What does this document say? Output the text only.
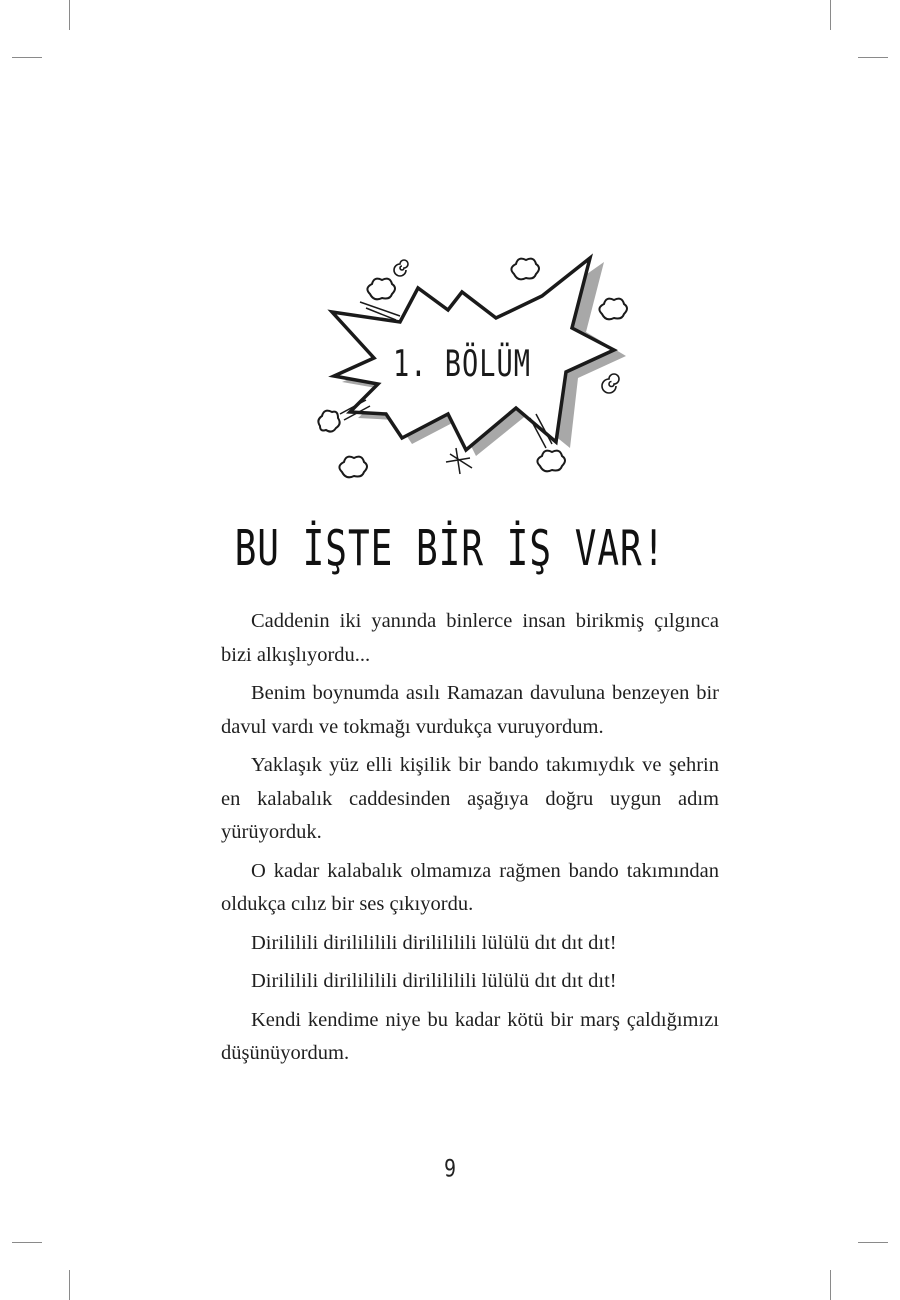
1. BÖLÜM
BU İŞTE BİR İŞ VAR!

Caddenin iki yanında binlerce insan birikmiş çılgınca bizi alkışlıyordu...

Benim boynumda asılı Ramazan davuluna benzeyen bir davul vardı ve tokmağı vurdukça vuruyordum.

Yaklaşık yüz elli kişilik bir bando takımıydık ve şehrin en kalabalık caddesinden aşağıya doğru uygun adım yürüyorduk.

O kadar kalabalık olmamıza rağmen bando takımından oldukça cılız bir ses çıkıyordu.

Dirililili dirilililili dirilililili lülülü dıt dıt dıt!

Dirililili dirilililili dirilililili lülülü dıt dıt dıt!

Kendi kendime niye bu kadar kötü bir marş çaldığımızı düşünüyordum.

9
